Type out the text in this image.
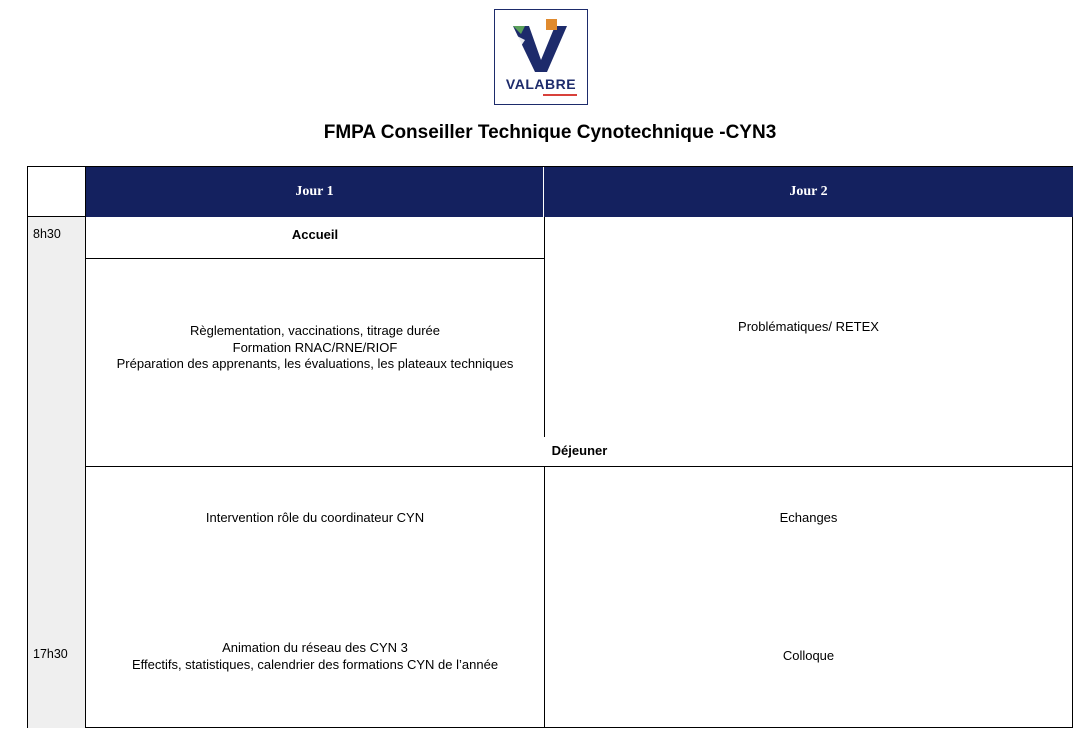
VALABRE
FMPA Conseiller Technique Cynotechnique -CYN3
Jour 1	Jour 2
8h30
17h30
Accueil
Règlementation, vaccinations, titrage durée
Formation RNAC/RNE/RIOF
Préparation des apprenants, les évaluations, les plateaux techniques
Problématiques/ RETEX
Déjeuner
Intervention rôle du coordinateur CYN
Animation du réseau des CYN 3
Effectifs, statistiques, calendrier des formations CYN de l’année
Echanges
Colloque
